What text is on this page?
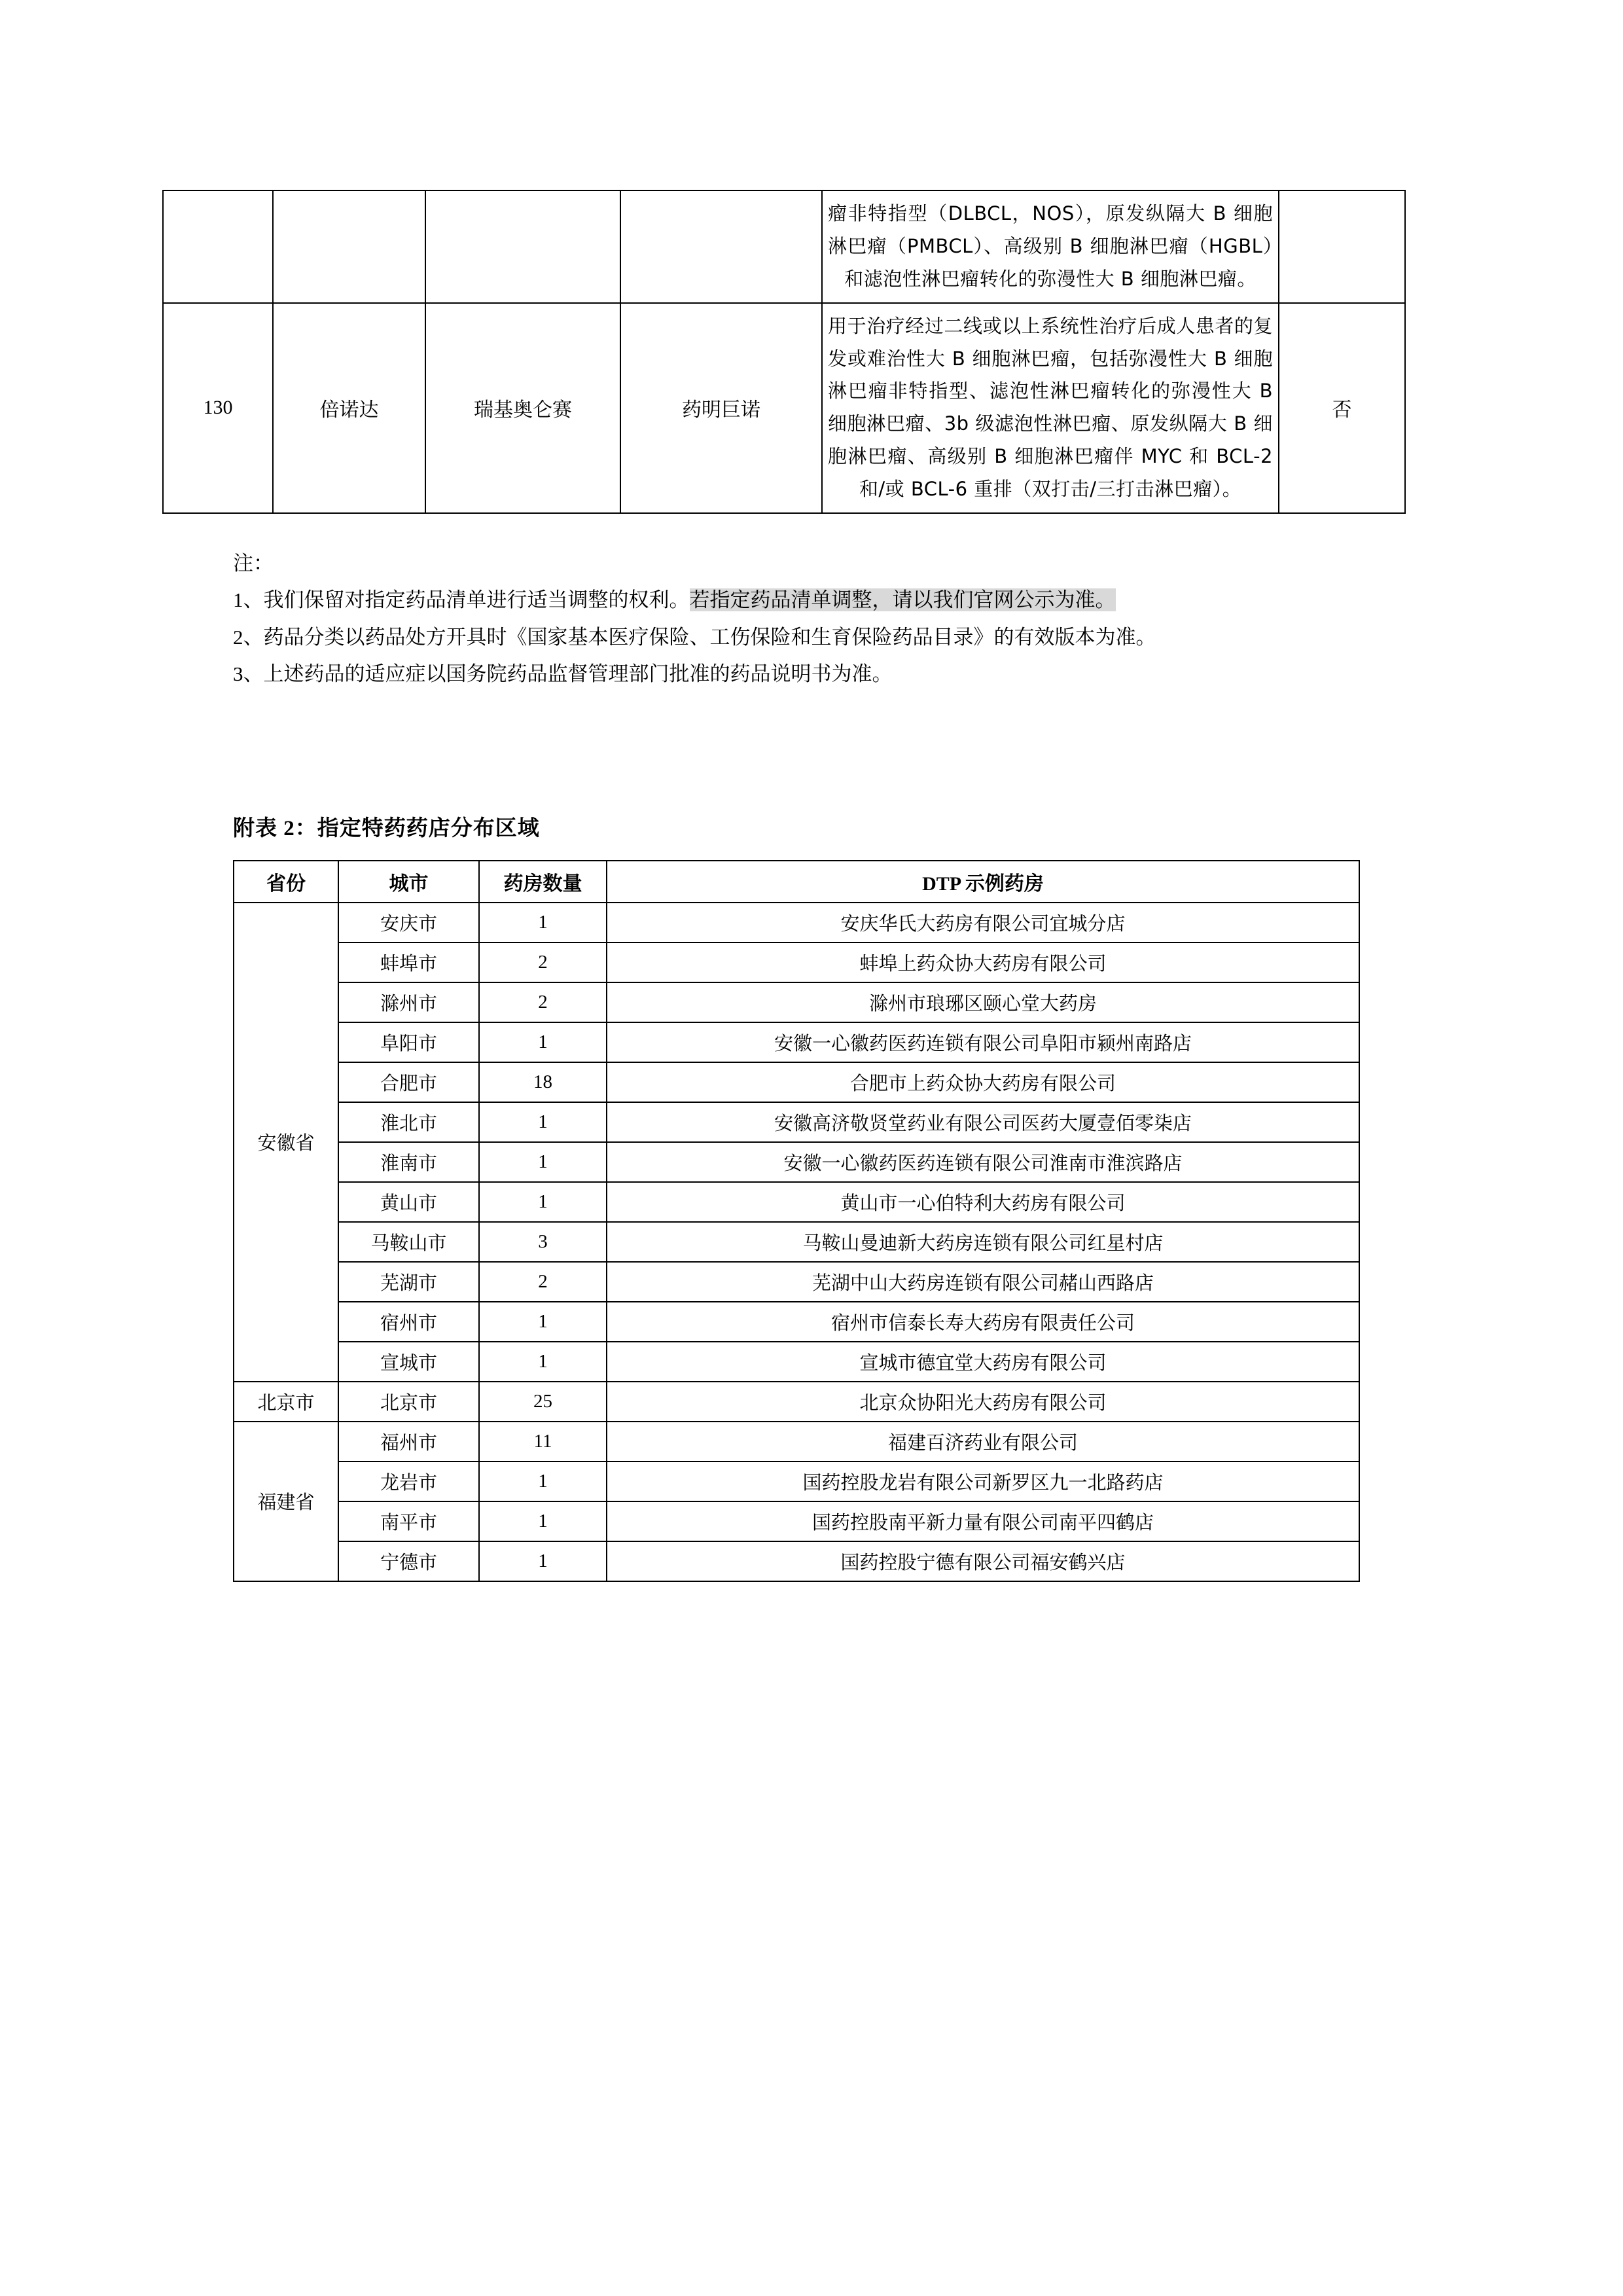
				瘤非特指型（DLBCL，NOS），原发纵隔大 B 细胞淋巴瘤（PMBCL）、高级别 B 细胞淋巴瘤（HGBL）和滤泡性淋巴瘤转化的弥漫性大 B 细胞淋巴瘤。	

130	倍诺达	瑞基奥仑赛	药明巨诺	用于治疗经过二线或以上系统性治疗后成人患者的复发或难治性大 B 细胞淋巴瘤，包括弥漫性大 B 细胞淋巴瘤非特指型、滤泡性淋巴瘤转化的弥漫性大 B 细胞淋巴瘤、3b 级滤泡性淋巴瘤、原发纵隔大 B 细胞淋巴瘤、高级别 B 细胞淋巴瘤伴 MYC 和 BCL-2 和/或 BCL-6 重排（双打击/三打击淋巴瘤）。	否

注：

1、我们保留对指定药品清单进行适当调整的权利。若指定药品清单调整，请以我们官网公示为准。

2、药品分类以药品处方开具时《国家基本医疗保险、工伤保险和生育保险药品目录》的有效版本为准。

3、上述药品的适应症以国务院药品监督管理部门批准的药品说明书为准。

附表 2：指定特药药店分布区域
省份	城市	药房数量	DTP 示例药房
安徽省	安庆市	1	安庆华氏大药房有限公司宜城分店
	蚌埠市	2	蚌埠上药众协大药房有限公司
	滁州市	2	滁州市琅琊区颐心堂大药房
	阜阳市	1	安徽一心徽药医药连锁有限公司阜阳市颍州南路店
	合肥市	18	合肥市上药众协大药房有限公司
	淮北市	1	安徽高济敬贤堂药业有限公司医药大厦壹佰零柒店
	淮南市	1	安徽一心徽药医药连锁有限公司淮南市淮滨路店
	黄山市	1	黄山市一心伯特利大药房有限公司
	马鞍山市	3	马鞍山曼迪新大药房连锁有限公司红星村店
	芜湖市	2	芜湖中山大药房连锁有限公司赭山西路店
	宿州市	1	宿州市信泰长寿大药房有限责任公司
	宣城市	1	宣城市德宜堂大药房有限公司
北京市	北京市	25	北京众协阳光大药房有限公司
福建省	福州市	11	福建百济药业有限公司
	龙岩市	1	国药控股龙岩有限公司新罗区九一北路药店
	南平市	1	国药控股南平新力量有限公司南平四鹤店
	宁德市	1	国药控股宁德有限公司福安鹤兴店
